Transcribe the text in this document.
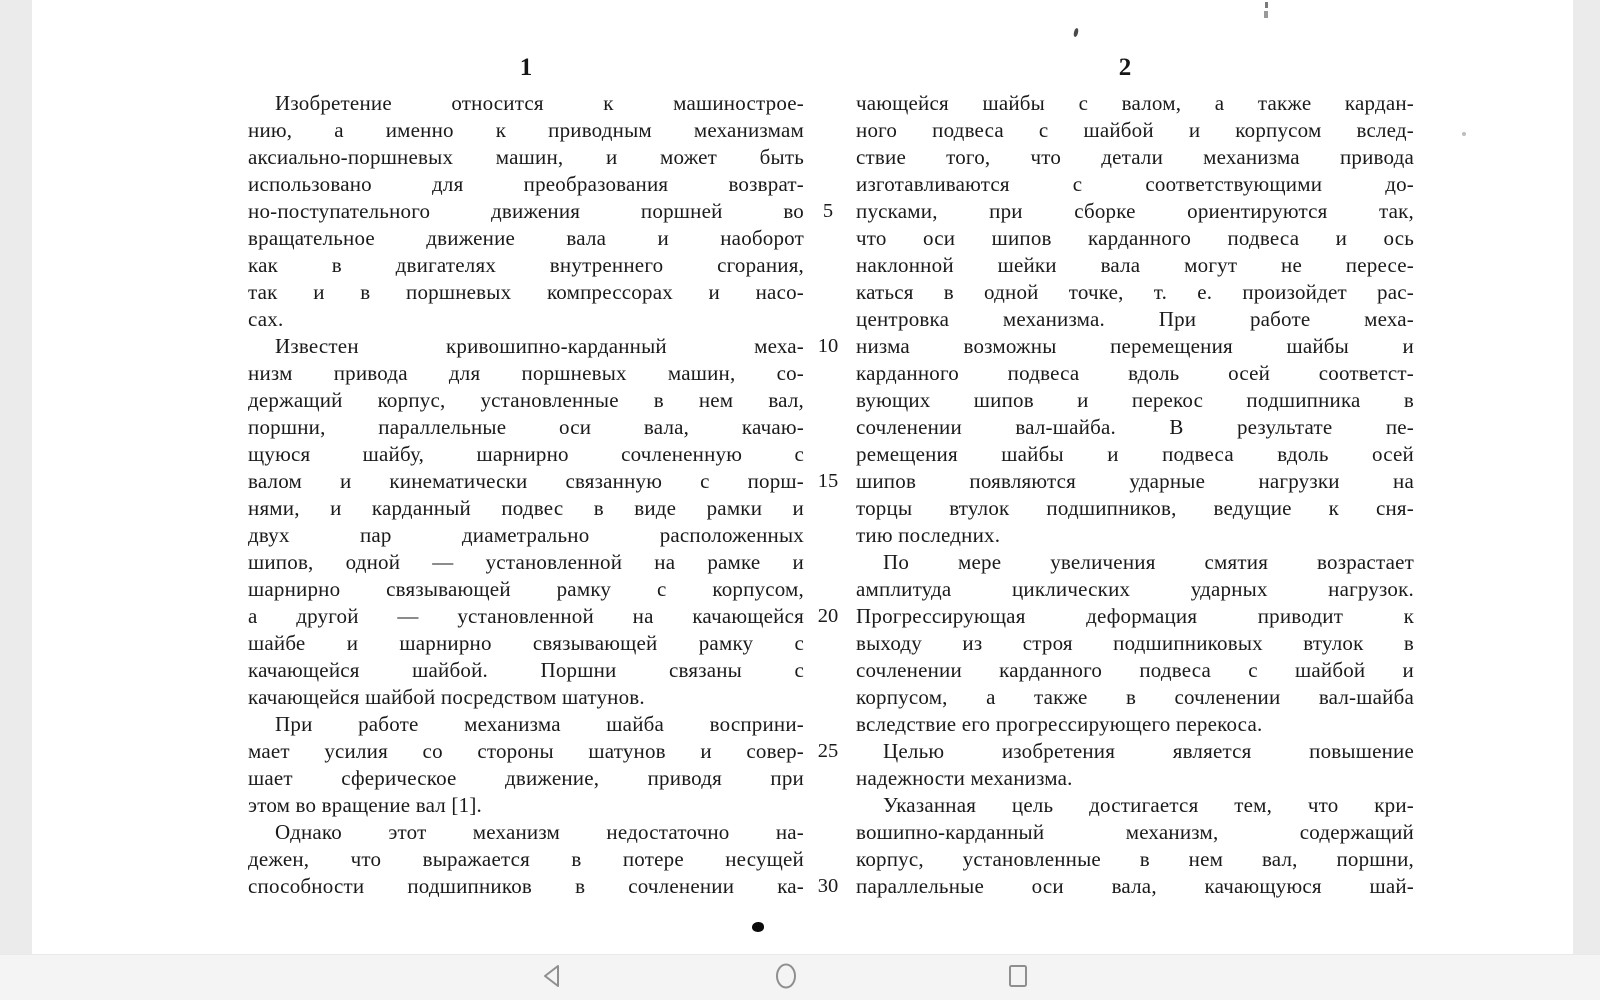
1	2
Изобретение относится к машинострое-
нию, а именно к приводным механизмам
аксиально-поршневых машин, и может быть
использовано для преобразования возврат-
но-поступательного движения поршней во
вращательное движение вала и наоборот
как в двигателях внутреннего сгорания,
так и в поршневых компрессорах и насо-
сах.
Известен кривошипно-карданный меха-
низм привода для поршневых машин, со-
держащий корпус, установленные в нем вал,
поршни, параллельные оси вала, качаю-
щуюся шайбу, шарнирно сочлененную с
валом и кинематически связанную с порш-
нями, и карданный подвес в виде рамки и
двух пар диаметрально расположенных
шипов, одной — установленной на рамке и
шарнирно связывающей рамку с корпусом,
а другой — установленной на качающейся
шайбе и шарнирно связывающей рамку с
качающейся шайбой. Поршни связаны с
качающейся шайбой посредством шатунов.
При работе механизма шайба восприни-
мает усилия со стороны шатунов и совер-
шает сферическое движение, приводя при
этом во вращение вал [1].
Однако этот механизм недостаточно на-
дежен, что выражается в потере несущей
способности подшипников в сочленении ка-
5
10
15
20
25
30
чающейся шайбы с валом, а также кардан-
ного подвеса с шайбой и корпусом вслед-
ствие того, что детали механизма привода
изготавливаются с соответствующими до-
пусками, при сборке ориентируются так,
что оси шипов карданного подвеса и ось
наклонной шейки вала могут не пересе-
каться в одной точке, т. е. произойдет рас-
центровка механизма. При работе меха-
низма возможны перемещения шайбы и
карданного подвеса вдоль осей соответст-
вующих шипов и перекос подшипника в
сочленении вал-шайба. В результате пе-
ремещения шайбы и подвеса вдоль осей
шипов появляются ударные нагрузки на
торцы втулок подшипников, ведущие к сня-
тию последних.
По мере увеличения смятия возрастает
амплитуда циклических ударных нагрузок.
Прогрессирующая деформация приводит к
выходу из строя подшипниковых втулок в
сочленении карданного подвеса с шайбой и
корпусом, а также в сочленении вал-шайба
вследствие его прогрессирующего перекоса.
Целью изобретения является повышение
надежности механизма.
Указанная цель достигается тем, что кри-
вошипно-карданный механизм, содержащий
корпус, установленные в нем вал, поршни,
параллельные оси вала, качающуюся шай-
